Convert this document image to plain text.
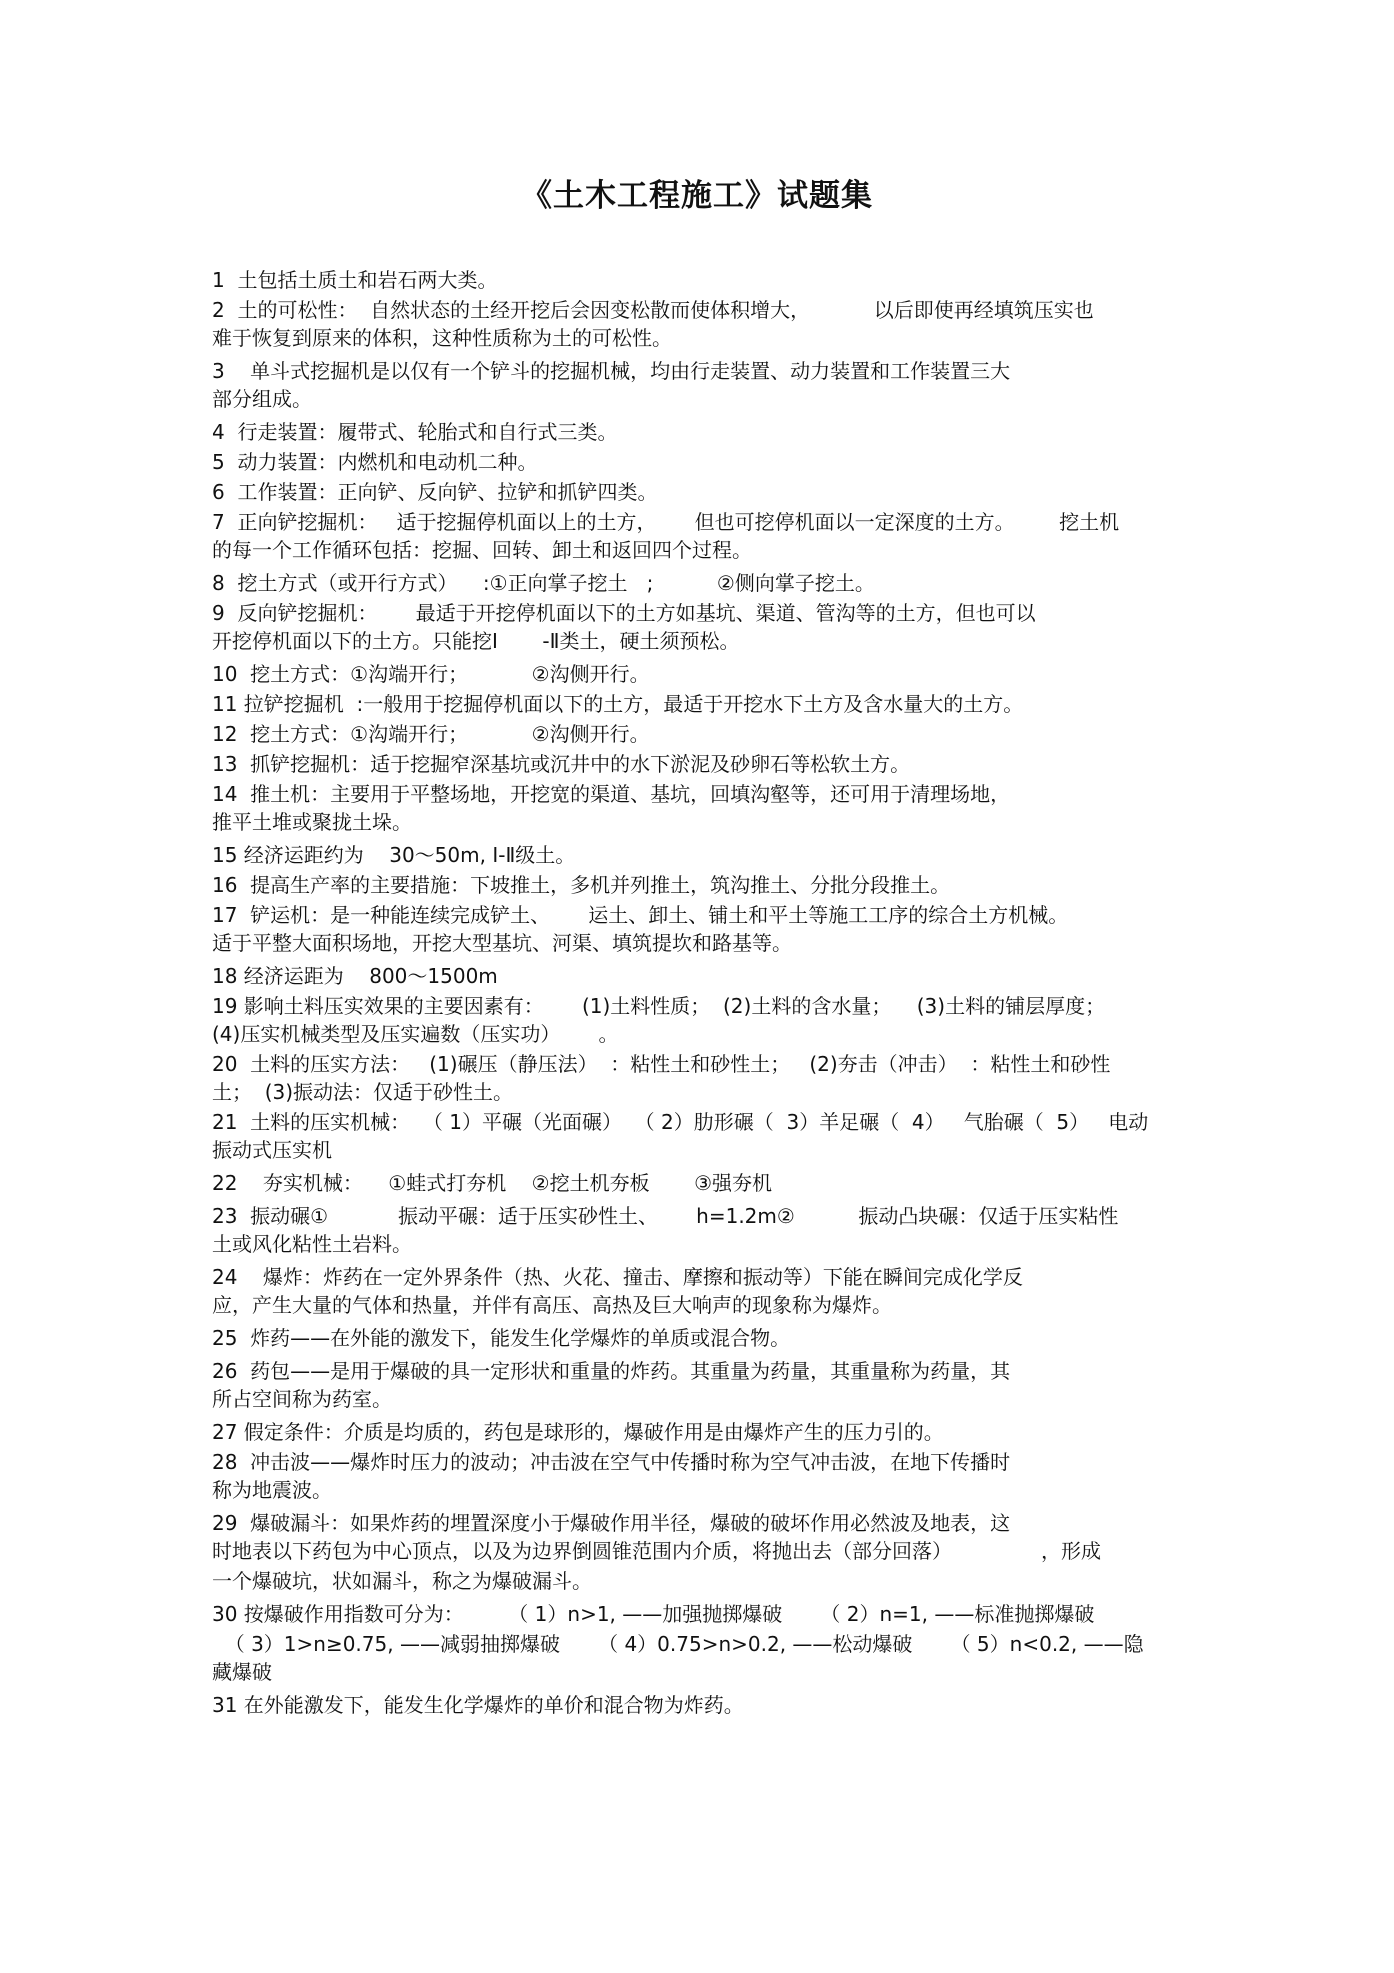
《土木工程施工》试题集
1  土包括土质土和岩石两大类。
2  土的可松性：  自然状态的土经开挖后会因变松散而使体积增大，          以后即使再经填筑压实也
难于恢复到原来的体积，这种性质称为土的可松性。
3    单斗式挖掘机是以仅有一个铲斗的挖掘机械，均由行走装置、动力装置和工作装置三大
部分组成。
4  行走装置：履带式、轮胎式和自行式三类。
5  动力装置：内燃机和电动机二种。
6  工作装置：正向铲、反向铲、拉铲和抓铲四类。
7  正向铲挖掘机：   适于挖掘停机面以上的土方，      但也可挖停机面以一定深度的土方。       挖土机
的每一个工作循环包括：挖掘、回转、卸土和返回四个过程。
8  挖土方式（或开行方式）    :①正向掌子挖土   ;          ②侧向掌子挖土。
9  反向铲挖掘机：      最适于开挖停机面以下的土方如基坑、渠道、管沟等的土方，但也可以
开挖停机面以下的土方。只能挖Ⅰ       -Ⅱ类土，硬土须预松。
10  挖土方式：①沟端开行；          ②沟侧开行。
11 拉铲挖掘机  :一般用于挖掘停机面以下的土方，最适于开挖水下土方及含水量大的土方。
12  挖土方式：①沟端开行；          ②沟侧开行。
13  抓铲挖掘机：适于挖掘窄深基坑或沉井中的水下淤泥及砂卵石等松软土方。
14  推土机：主要用于平整场地，开挖宽的渠道、基坑，回填沟壑等，还可用于清理场地，
推平土堆或聚拢土垛。
15 经济运距约为    30～50m, Ⅰ-Ⅱ级土。
16  提高生产率的主要措施：下坡推土，多机并列推土，筑沟推土、分批分段推土。
17  铲运机：是一种能连续完成铲土、      运土、卸土、铺土和平土等施工工序的综合土方机械。
适于平整大面积场地，开挖大型基坑、河渠、填筑提坎和路基等。
18 经济运距为    800～1500m
19 影响土料压实效果的主要因素有：      (1)土料性质；  (2)土料的含水量；    (3)土料的铺层厚度；
(4)压实机械类型及压实遍数（压实功）      。
20  土料的压实方法：   (1)碾压（静压法）  ：粘性土和砂性土；   (2)夯击（冲击）  ：粘性土和砂性
土；  (3)振动法：仅适于砂性土。
21  土料的压实机械：  （ 1）平碾（光面碾）  （ 2）肋形碾（  3）羊足碾（  4）   气胎碾（  5）   电动
振动式压实机
22    夯实机械：    ①蛙式打夯机    ②挖土机夯板       ③强夯机
23  振动碾①           振动平碾：适于压实砂性土、      h=1.2m②          振动凸块碾：仅适于压实粘性
土或风化粘性土岩料。
24    爆炸：炸药在一定外界条件（热、火花、撞击、摩擦和振动等）下能在瞬间完成化学反
应，产生大量的气体和热量，并伴有高压、高热及巨大响声的现象称为爆炸。
25  炸药——在外能的激发下，能发生化学爆炸的单质或混合物。
26  药包——是用于爆破的具一定形状和重量的炸药。其重量为药量，其重量称为药量，其
所占空间称为药室。
27 假定条件：介质是均质的，药包是球形的，爆破作用是由爆炸产生的压力引的。
28  冲击波——爆炸时压力的波动；冲击波在空气中传播时称为空气冲击波，在地下传播时
称为地震波。
29  爆破漏斗：如果炸药的埋置深度小于爆破作用半径，爆破的破坏作用必然波及地表，这
时地表以下药包为中心顶点，以及为边界倒圆锥范围内介质，将抛出去（部分回落）              ，形成
一个爆破坑，状如漏斗，称之为爆破漏斗。
30 按爆破作用指数可分为：       （ 1）n>1, ——加强抛掷爆破      （ 2）n=1, ——标准抛掷爆破
（ 3）1>n≥0.75, ——减弱抽掷爆破      （ 4）0.75>n>0.2, ——松动爆破      （ 5）n<0.2, ——隐
藏爆破
31 在外能激发下，能发生化学爆炸的单价和混合物为炸药。
